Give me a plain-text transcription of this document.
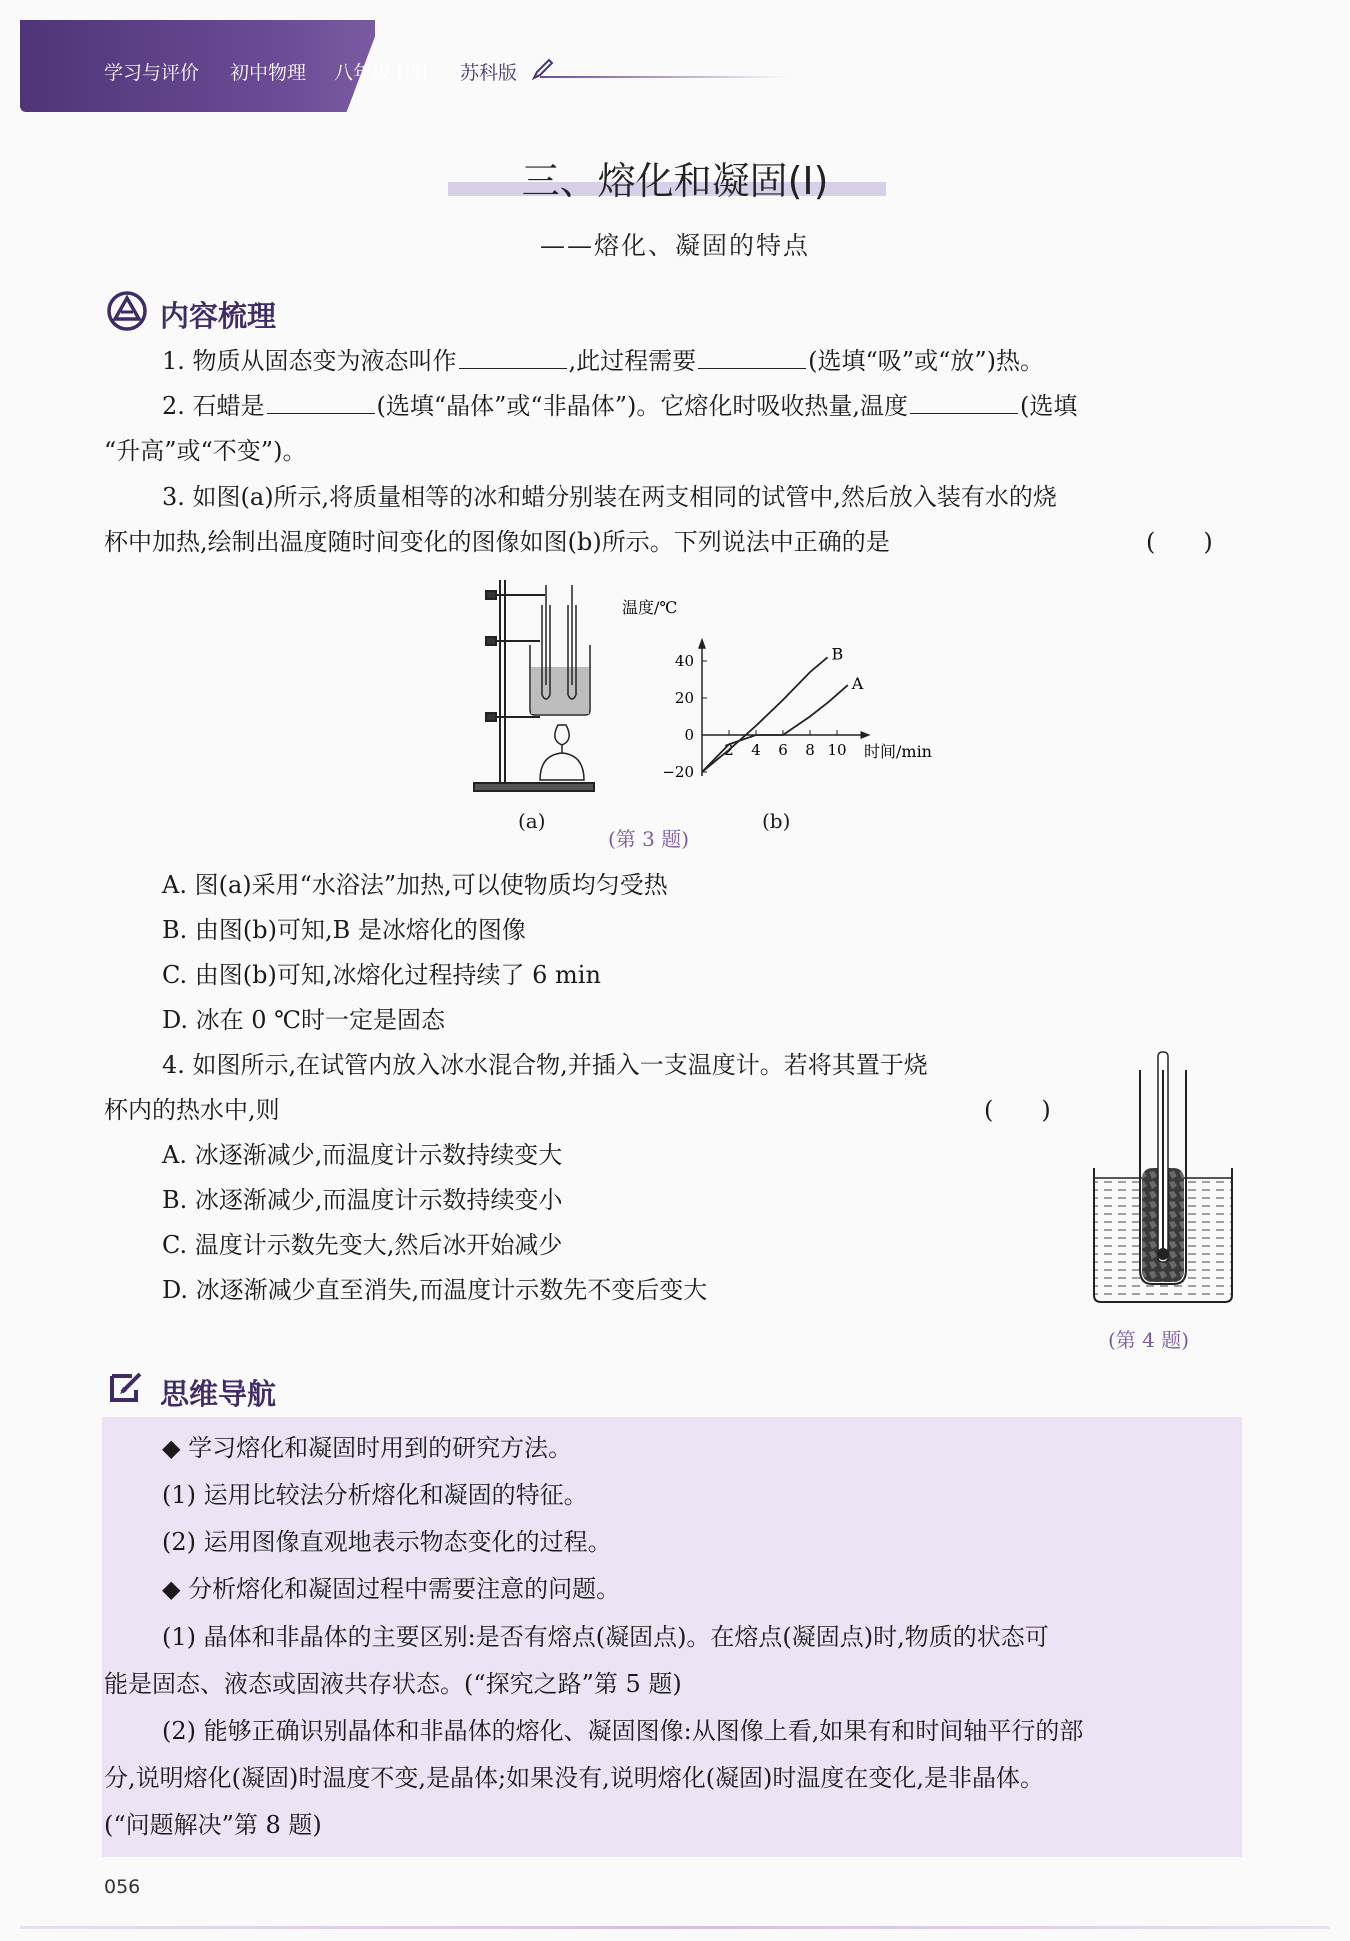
学习与评价 初中物理 八年级上册 苏科版
三、熔化和凝固(Ⅰ)
——熔化、凝固的特点
内容梳理
1. 物质从固态变为液态叫作	,此过程需要	(选填“吸”或“放”)热。
2. 石蜡是	(选填“晶体”或“非晶体”)。它熔化时吸收热量,温度	(选填
“升高”或“不变”)。
3. 如图(a)所示,将质量相等的冰和蜡分别装在两支相同的试管中,然后放入装有水的烧
杯中加热,绘制出温度随时间变化的图像如图(b)所示。下列说法中正确的是	(　　)
温度/℃
时间/min
2 4 6 8 10
−20
0
20
40	B
A
(a)	(b)
(第 3 题)
A. 图(a)采用“水浴法”加热,可以使物质均匀受热
B. 由图(b)可知,B 是冰熔化的图像
C. 由图(b)可知,冰熔化过程持续了 6 min
D. 冰在 0 ℃时一定是固态
4. 如图所示,在试管内放入冰水混合物,并插入一支温度计。若将其置于烧
杯内的热水中,则	(　　)
A. 冰逐渐减少,而温度计示数持续变大
B. 冰逐渐减少,而温度计示数持续变小
C. 温度计示数先变大,然后冰开始减少
D. 冰逐渐减少直至消失,而温度计示数先不变后变大
(第 4 题)
思维导航
◆ 学习熔化和凝固时用到的研究方法。
(1) 运用比较法分析熔化和凝固的特征。
(2) 运用图像直观地表示物态变化的过程。
◆ 分析熔化和凝固过程中需要注意的问题。
(1) 晶体和非晶体的主要区别:是否有熔点(凝固点)。在熔点(凝固点)时,物质的状态可
能是固态、液态或固液共存状态。(“探究之路”第 5 题)
(2) 能够正确识别晶体和非晶体的熔化、凝固图像:从图像上看,如果有和时间轴平行的部
分,说明熔化(凝固)时温度不变,是晶体;如果没有,说明熔化(凝固)时温度在变化,是非晶体。
(“问题解决”第 8 题)
056
